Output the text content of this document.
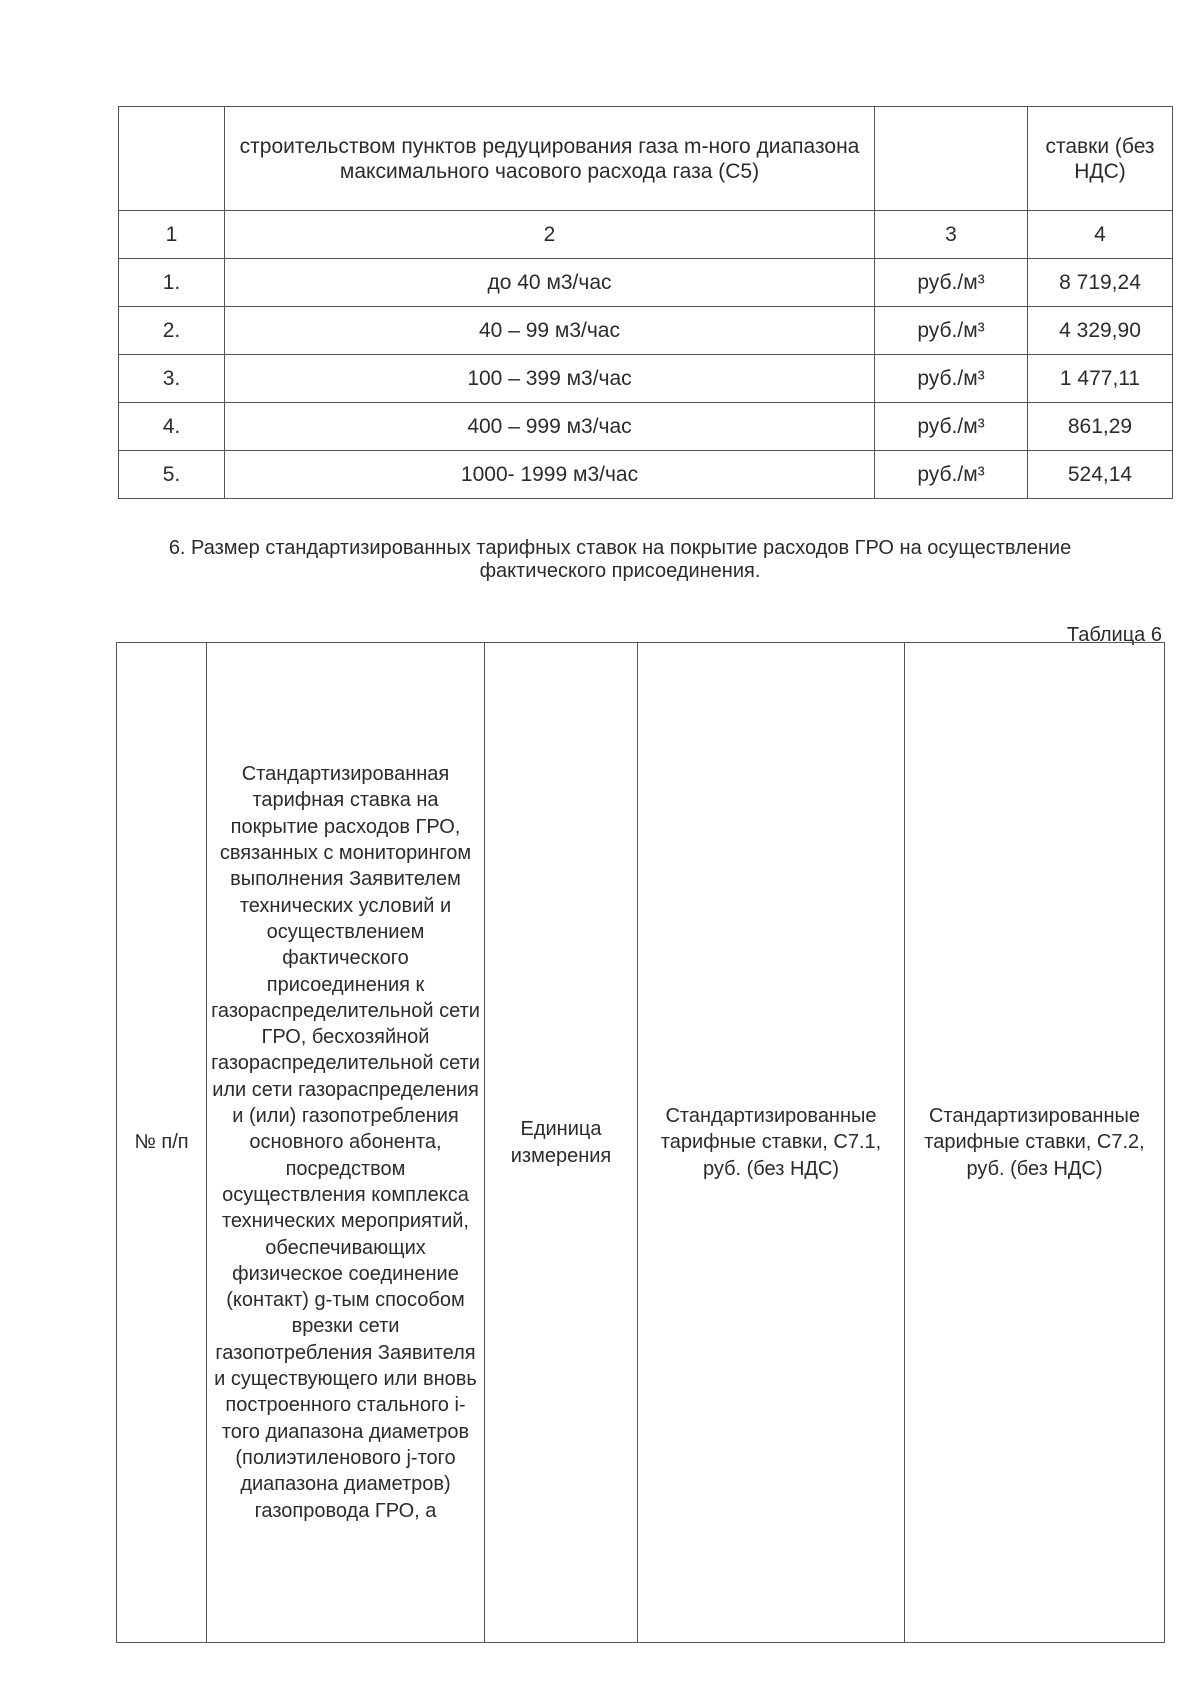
	строительством пунктов редуцирования газа m-ного диапазона максимального часового расхода газа (С5)		ставки (без НДС)
1	2	3	4
1.	до 40 м3/час	руб./м³	8 719,24
2.	40 – 99 м3/час	руб./м³	4 329,90
3.	100 – 399 м3/час	руб./м³	1 477,11
4.	400 – 999 м3/час	руб./м³	861,29
5.	1000- 1999 м3/час	руб./м³	524,14
6. Размер стандартизированных тарифных ставок на покрытие расходов ГРО на осуществление фактического присоединения.
Таблица 6
№ п/п	Стандартизированная тарифная ставка на покрытие расходов ГРО, связанных с мониторингом выполнения Заявителем технических условий и осуществлением фактического присоединения к газораспределительной сети ГРО, бесхозяйной газораспределительной сети или сети газораспределения и (или) газопотребления основного абонента, посредством осуществления комплекса технических мероприятий, обеспечивающих физическое соединение (контакт) g-тым способом врезки сети газопотребления Заявителя и существующего или вновь построенного стального i-того диапазона диаметров (полиэтиленового j-того диапазона диаметров) газопровода ГРО, а	Единица измерения	Стандартизированные тарифные ставки, С7.1, руб. (без НДС)	Стандартизированные тарифные ставки, С7.2, руб. (без НДС)
